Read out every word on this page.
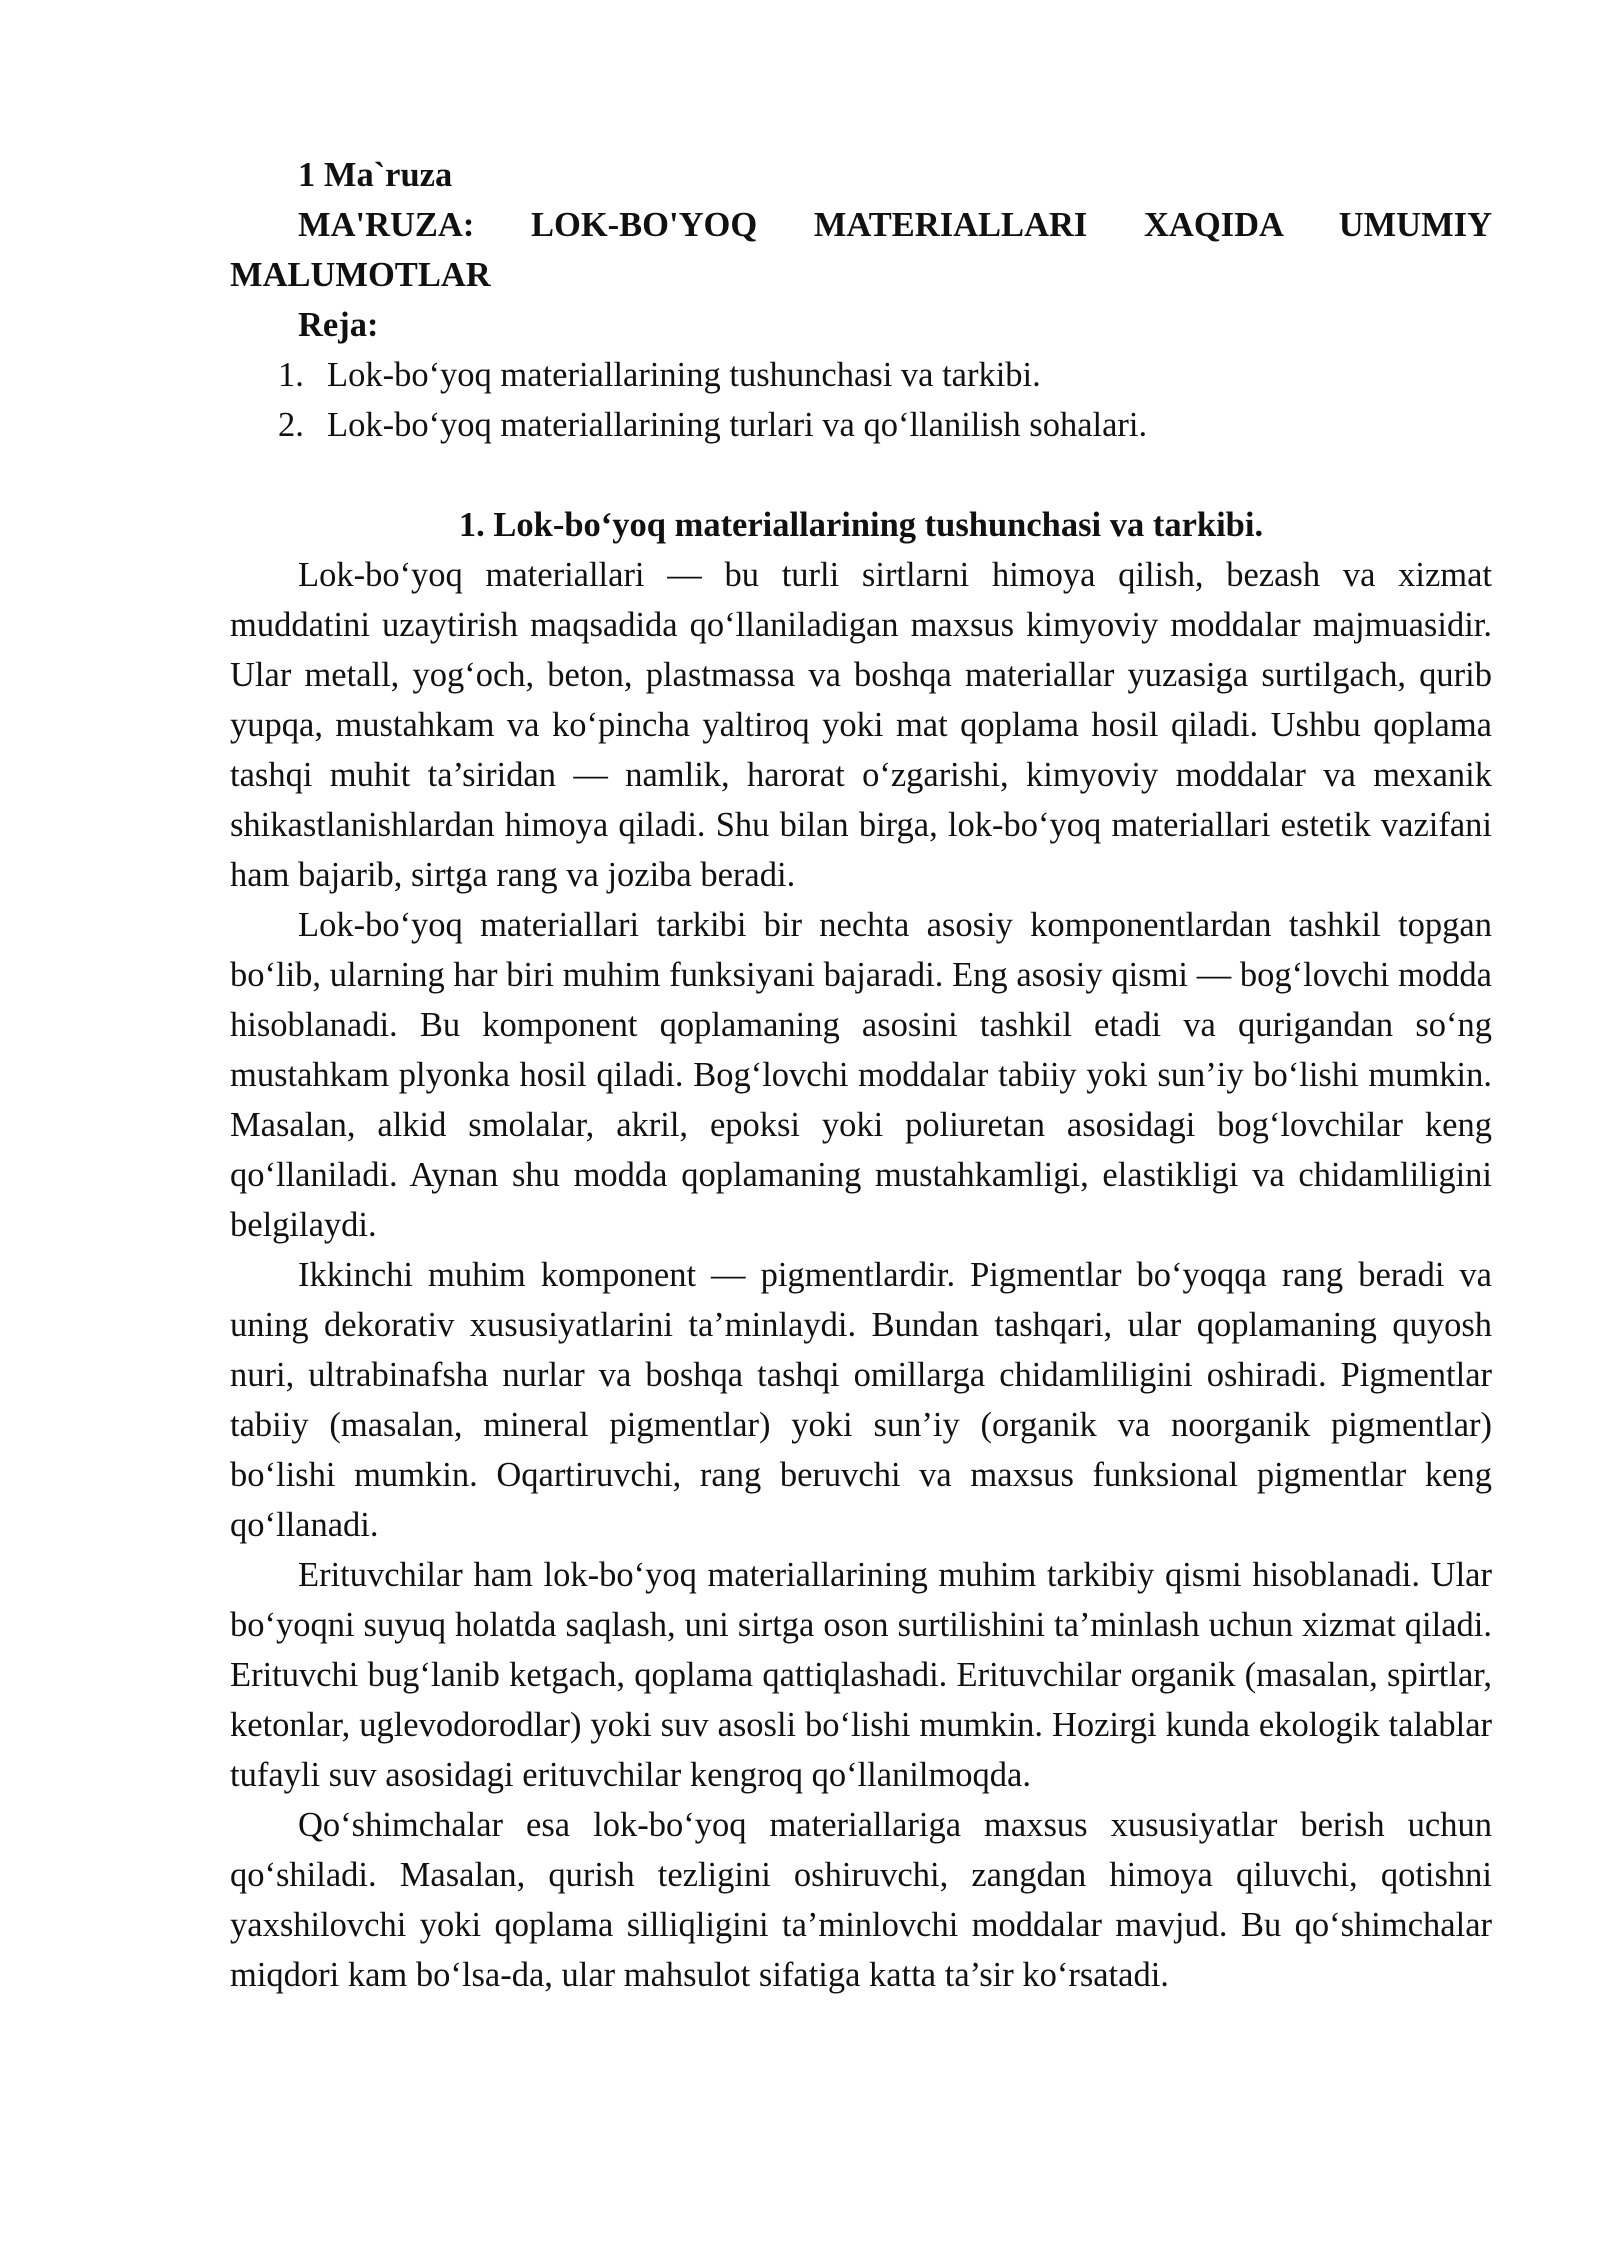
1 Ma`ruza

MA'RUZA: LOK-BO'YOQ MATERIALLARI XAQIDA UMUMIY MALUMOTLAR

Reja:

1. Lok-bo‘yoq materiallarining tushunchasi va tarkibi.
2. Lok-bo‘yoq materiallarining turlari va qo‘llanilish sohalari.

1. Lok-bo‘yoq materiallarining tushunchasi va tarkibi.

Lok-bo‘yoq materiallari — bu turli sirtlarni himoya qilish, bezash va xizmat muddatini uzaytirish maqsadida qo‘llaniladigan maxsus kimyoviy moddalar majmuasidir. Ular metall, yog‘och, beton, plastmassa va boshqa materiallar yuzasiga surtilgach, qurib yupqa, mustahkam va ko‘pincha yaltiroq yoki mat qoplama hosil qiladi. Ushbu qoplama tashqi muhit ta’siridan — namlik, harorat o‘zgarishi, kimyoviy moddalar va mexanik shikastlanishlardan himoya qiladi. Shu bilan birga, lok-bo‘yoq materiallari estetik vazifani ham bajarib, sirtga rang va joziba beradi.

Lok-bo‘yoq materiallari tarkibi bir nechta asosiy komponentlardan tashkil topgan bo‘lib, ularning har biri muhim funksiyani bajaradi. Eng asosiy qismi — bog‘lovchi modda hisoblanadi. Bu komponent qoplamaning asosini tashkil etadi va qurigandan so‘ng mustahkam plyonka hosil qiladi. Bog‘lovchi moddalar tabiiy yoki sun’iy bo‘lishi mumkin. Masalan, alkid smolalar, akril, epoksi yoki poliuretan asosidagi bog‘lovchilar keng qo‘llaniladi. Aynan shu modda qoplamaning mustahkamligi, elastikligi va chidamliligini belgilaydi.

Ikkinchi muhim komponent — pigmentlardir. Pigmentlar bo‘yoqqa rang beradi va uning dekorativ xususiyatlarini ta’minlaydi. Bundan tashqari, ular qoplamaning quyosh nuri, ultrabinafsha nurlar va boshqa tashqi omillarga chidamliligini oshiradi. Pigmentlar tabiiy (masalan, mineral pigmentlar) yoki sun’iy (organik va noorganik pigmentlar) bo‘lishi mumkin. Oqartiruvchi, rang beruvchi va maxsus funksional pigmentlar keng qo‘llanadi.

Erituvchilar ham lok-bo‘yoq materiallarining muhim tarkibiy qismi hisoblanadi. Ular bo‘yoqni suyuq holatda saqlash, uni sirtga oson surtilishini ta’minlash uchun xizmat qiladi. Erituvchi bug‘lanib ketgach, qoplama qattiqlashadi. Erituvchilar organik (masalan, spirtlar, ketonlar, uglevodorodlar) yoki suv asosli bo‘lishi mumkin. Hozirgi kunda ekologik talablar tufayli suv asosidagi erituvchilar kengroq qo‘llanilmoqda.

Qo‘shimchalar esa lok-bo‘yoq materiallariga maxsus xususiyatlar berish uchun qo‘shiladi. Masalan, qurish tezligini oshiruvchi, zangdan himoya qiluvchi, qotishni yaxshilovchi yoki qoplama silliqligini ta’minlovchi moddalar mavjud. Bu qo‘shimchalar miqdori kam bo‘lsa-da, ular mahsulot sifatiga katta ta’sir ko‘rsatadi.
